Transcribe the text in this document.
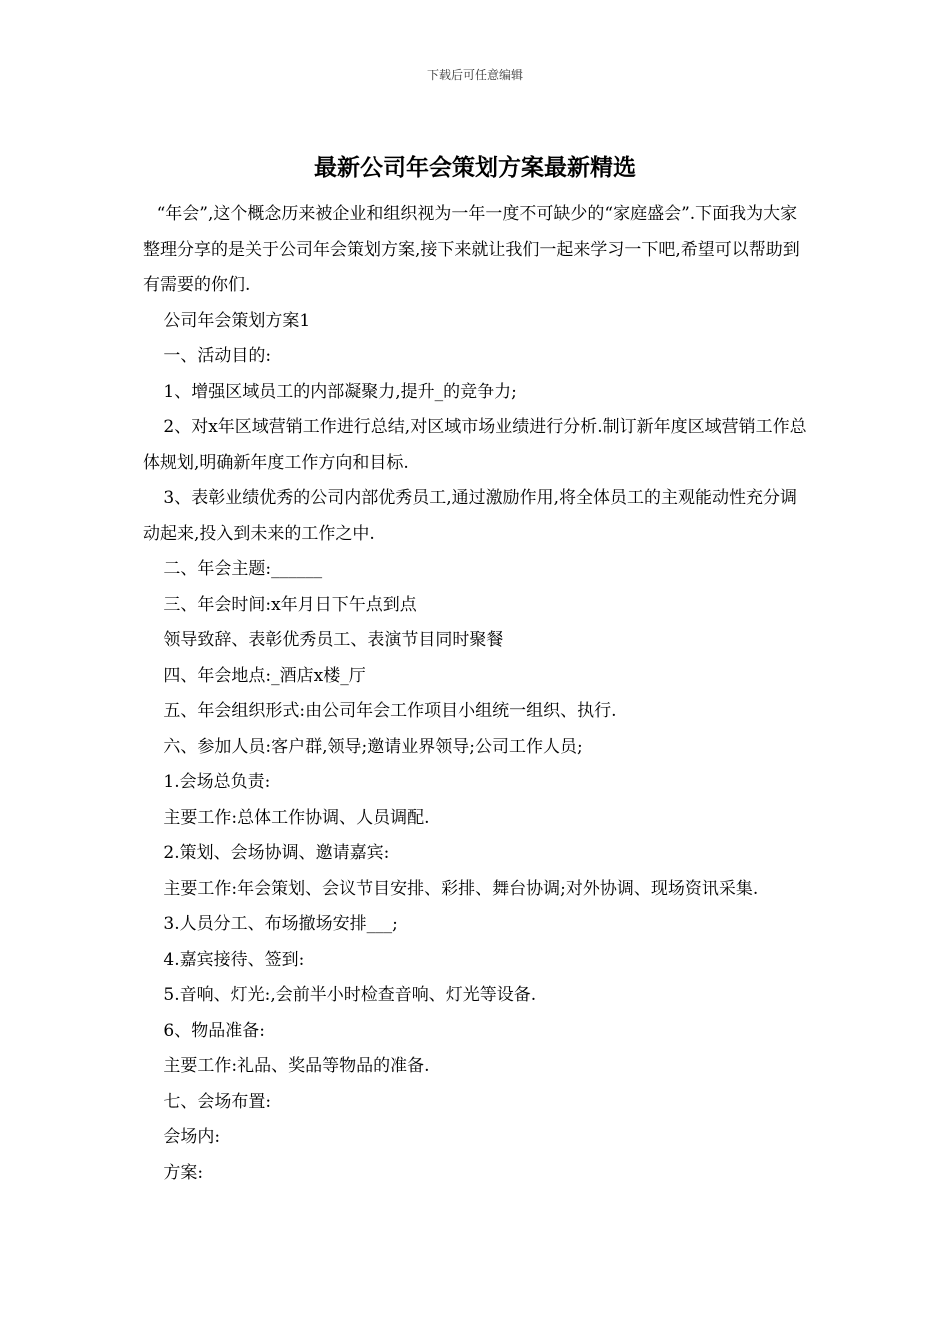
下载后可任意编辑
最新公司年会策划方案最新精选

“年会”,这个概念历来被企业和组织视为一年一度不可缺少的“家庭盛会”.下面我为大家整理分享的是关于公司年会策划方案,接下来就让我们一起来学习一下吧,希望可以帮助到有需要的你们.

公司年会策划方案1

一、活动目的:

1、增强区域员工的内部凝聚力,提升_的竞争力;

2、对x年区域营销工作进行总结,对区域市场业绩进行分析.制订新年度区域营销工作总体规划,明确新年度工作方向和目标.

3、表彰业绩优秀的公司内部优秀员工,通过激励作用,将全体员工的主观能动性充分调动起来,投入到未来的工作之中.

二、年会主题:______

三、年会时间:x年月日下午点到点

领导致辞、表彰优秀员工、表演节目同时聚餐

四、年会地点:_酒店x楼_厅

五、年会组织形式:由公司年会工作项目小组统一组织、执行.

六、参加人员:客户群,领导;邀请业界领导;公司工作人员;

1.会场总负责:

主要工作:总体工作协调、人员调配.

2.策划、会场协调、邀请嘉宾:

主要工作:年会策划、会议节目安排、彩排、舞台协调;对外协调、现场资讯采集.

3.人员分工、布场撤场安排___;

4.嘉宾接待、签到:

5.音响、灯光:,会前半小时检查音响、灯光等设备.

6、物品准备:

主要工作:礼品、奖品等物品的准备.

七、会场布置:

会场内:

方案:
